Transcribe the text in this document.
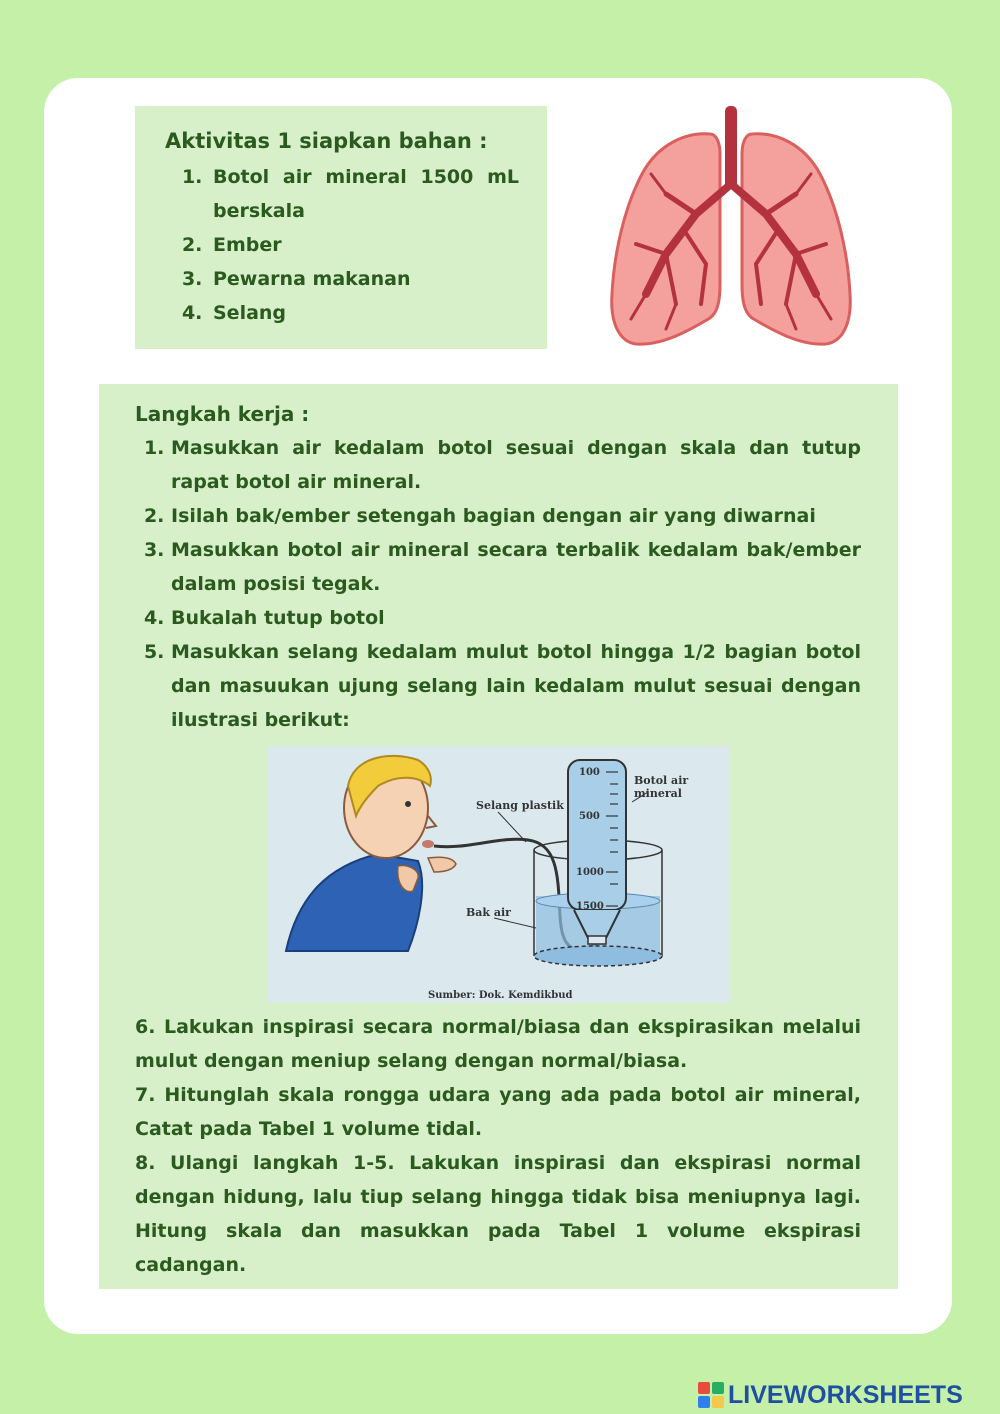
Aktivitas 1 siapkan bahan :
1. Botol air mineral 1500 mL berskala
2. Ember
3. Pewarna makanan
4. Selang
Langkah kerja :
1. Masukkan air kedalam botol sesuai dengan skala dan tutup rapat botol air mineral.
2. Isilah bak/ember setengah bagian dengan air yang diwarnai
3. Masukkan botol air mineral secara terbalik kedalam bak/ember dalam posisi tegak.
4. Bukalah tutup botol
5. Masukkan selang kedalam mulut botol hingga 1/2 bagian botol dan masuukan ujung selang lain kedalam mulut sesuai dengan ilustrasi berikut:
100
500
1000
1500
Selang plastik
Botol air mineral
Bak air
Sumber: Dok. Kemdikbud

6. Lakukan inspirasi secara normal/biasa dan ekspirasikan melalui mulut dengan meniup selang dengan normal/biasa.

7. Hitunglah skala rongga udara yang ada pada botol air mineral, Catat pada Tabel 1 volume tidal.

8. Ulangi langkah 1-5. Lakukan inspirasi dan ekspirasi normal dengan hidung, lalu tiup selang hingga tidak bisa meniupnya lagi. Hitung skala dan masukkan pada Tabel 1 volume ekspirasi cadangan.

LIVEWORKSHEETS
